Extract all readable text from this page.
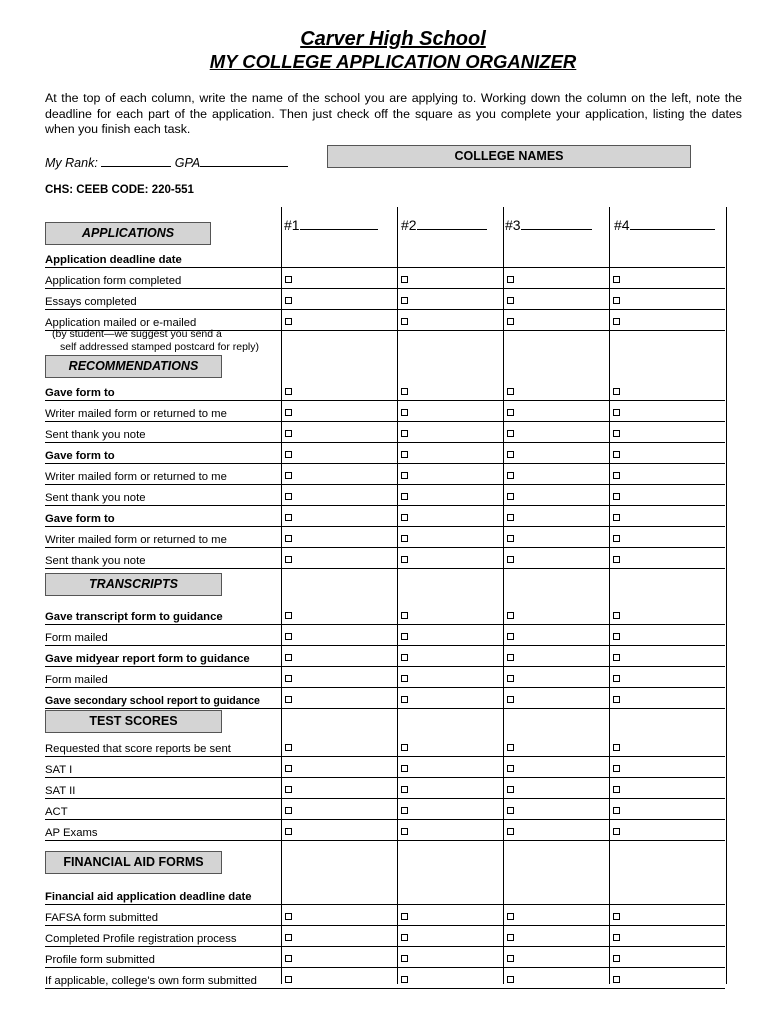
Carver High School
MY COLLEGE APPLICATION ORGANIZER
At the top of each column, write the name of the school you are applying to. Working down the column on the left, note the deadline for each part of the application. Then just check off the square as you complete your application, listing the dates when you finish each task.
My Rank:	GPA	COLLEGE NAMES
CHS: CEEB CODE: 220-551
#1	#2	#3	#4
APPLICATIONS
Application deadline date
Application form completed
Essays completed
Application mailed or e-mailed
RECOMMENDATIONS
Gave form to
Writer mailed form or returned to me
Sent thank you note
Gave form to
Writer mailed form or returned to me
Sent thank you note
Gave form to
Writer mailed form or returned to me
Sent thank you note
TRANSCRIPTS
Gave transcript form to guidance
Form mailed
Gave midyear report form to guidance
Form mailed
Gave secondary school report to guidance
TEST SCORES
Requested that score reports be sent
SAT I
SAT II
ACT
AP Exams
FINANCIAL AID FORMS
Financial aid application deadline date
FAFSA form submitted
Completed Profile registration process
Profile form submitted
If applicable, college's own form submitted
(by student—we suggest you send a
self addressed stamped postcard for reply)
